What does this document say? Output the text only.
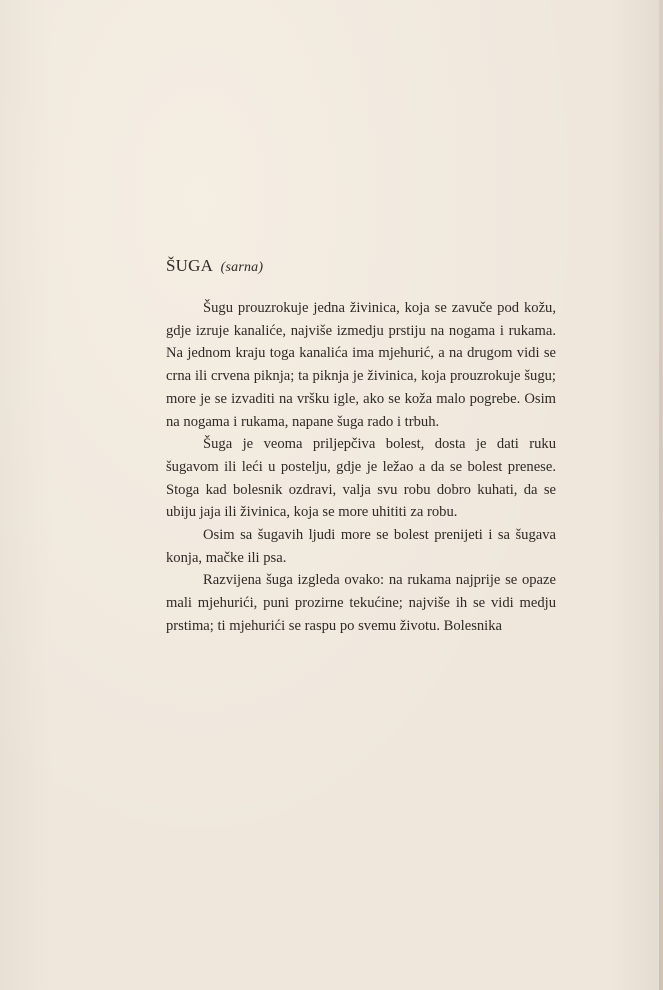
ŠUGA (sarna)

Šugu prouzrokuje jedna živinica, koja se zavuče pod kožu, gdje izruje kanaliće, najviše izmedju prstiju na nogama i rukama. Na jednom kraju toga kanalića ima mjehurić, a na drugom vidi se crna ili crvena piknja; ta piknja je živinica, koja prouzrokuje šugu; more je se izvaditi na vršku igle, ako se koža malo pogrebe. Osim na nogama i rukama, napane šuga rado i trbuh.

Šuga je veoma priljepčiva bolest, dosta je dati ruku šugavom ili leći u postelju, gdje je ležao a da se bolest prenese. Stoga kad bolesnik ozdravi, valja svu robu dobro kuhati, da se ubiju jaja ili živinica, koja se more uhititi za robu.

Osim sa šugavih ljudi more se bolest prenijeti i sa šugava konja, mačke ili psa.

Razvijena šuga izgleda ovako: na rukama najprije se opaze mali mjehurići, puni prozirne tekućine; najviše ih se vidi medju prstima; ti mjehurići se raspu po svemu životu. Bolesnika
